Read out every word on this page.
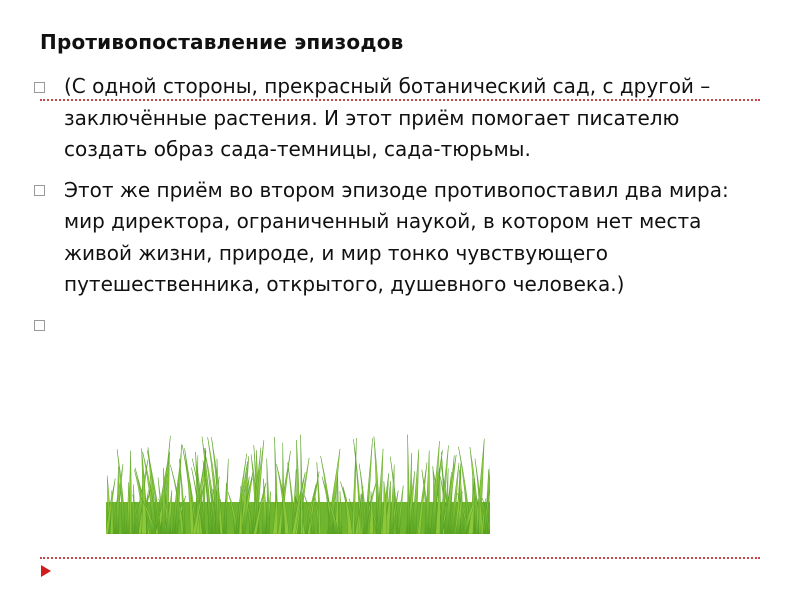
Противопоставление эпизодов
(С одной стороны, прекрасный ботанический сад, с другой – заключённые растения. И этот приём помогает писателю создать образ сада-темницы, сада-тюрьмы.
Этот же приём во втором эпизоде противопоставил два мира: мир директора, ограниченный наукой, в котором нет места живой жизни, природе, и мир тонко чувствующего путешественника, открытого, душевного человека.)
